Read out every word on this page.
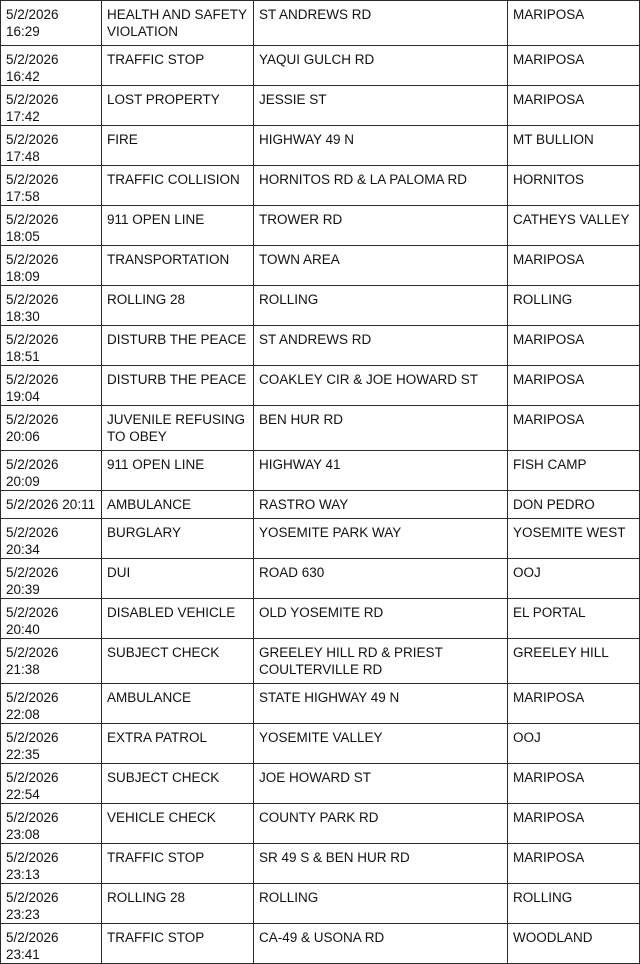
5/2/2026 16:29	HEALTH AND SAFETY VIOLATION	ST ANDREWS RD	MARIPOSA
5/2/2026 16:42	TRAFFIC STOP	YAQUI GULCH RD	MARIPOSA
5/2/2026 17:42	LOST PROPERTY	JESSIE ST	MARIPOSA
5/2/2026 17:48	FIRE	HIGHWAY 49 N	MT BULLION
5/2/2026 17:58	TRAFFIC COLLISION	HORNITOS RD & LA PALOMA RD	HORNITOS
5/2/2026 18:05	911 OPEN LINE	TROWER RD	CATHEYS VALLEY
5/2/2026 18:09	TRANSPORTATION	TOWN AREA	MARIPOSA
5/2/2026 18:30	ROLLING 28	ROLLING	ROLLING
5/2/2026 18:51	DISTURB THE PEACE	ST ANDREWS RD	MARIPOSA
5/2/2026 19:04	DISTURB THE PEACE	COAKLEY CIR & JOE HOWARD ST	MARIPOSA
5/2/2026 20:06	JUVENILE REFUSING TO OBEY	BEN HUR RD	MARIPOSA
5/2/2026 20:09	911 OPEN LINE	HIGHWAY 41	FISH CAMP
5/2/2026 20:11	AMBULANCE	RASTRO WAY	DON PEDRO
5/2/2026 20:34	BURGLARY	YOSEMITE PARK WAY	YOSEMITE WEST
5/2/2026 20:39	DUI	ROAD 630	OOJ
5/2/2026 20:40	DISABLED VEHICLE	OLD YOSEMITE RD	EL PORTAL
5/2/2026 21:38	SUBJECT CHECK	GREELEY HILL RD & PRIEST COULTERVILLE RD	GREELEY HILL
5/2/2026 22:08	AMBULANCE	STATE HIGHWAY 49 N	MARIPOSA
5/2/2026 22:35	EXTRA PATROL	YOSEMITE VALLEY	OOJ
5/2/2026 22:54	SUBJECT CHECK	JOE HOWARD ST	MARIPOSA
5/2/2026 23:08	VEHICLE CHECK	COUNTY PARK RD	MARIPOSA
5/2/2026 23:13	TRAFFIC STOP	SR 49 S & BEN HUR RD	MARIPOSA
5/2/2026 23:23	ROLLING 28	ROLLING	ROLLING
5/2/2026 23:41	TRAFFIC STOP	CA-49 & USONA RD	WOODLAND
